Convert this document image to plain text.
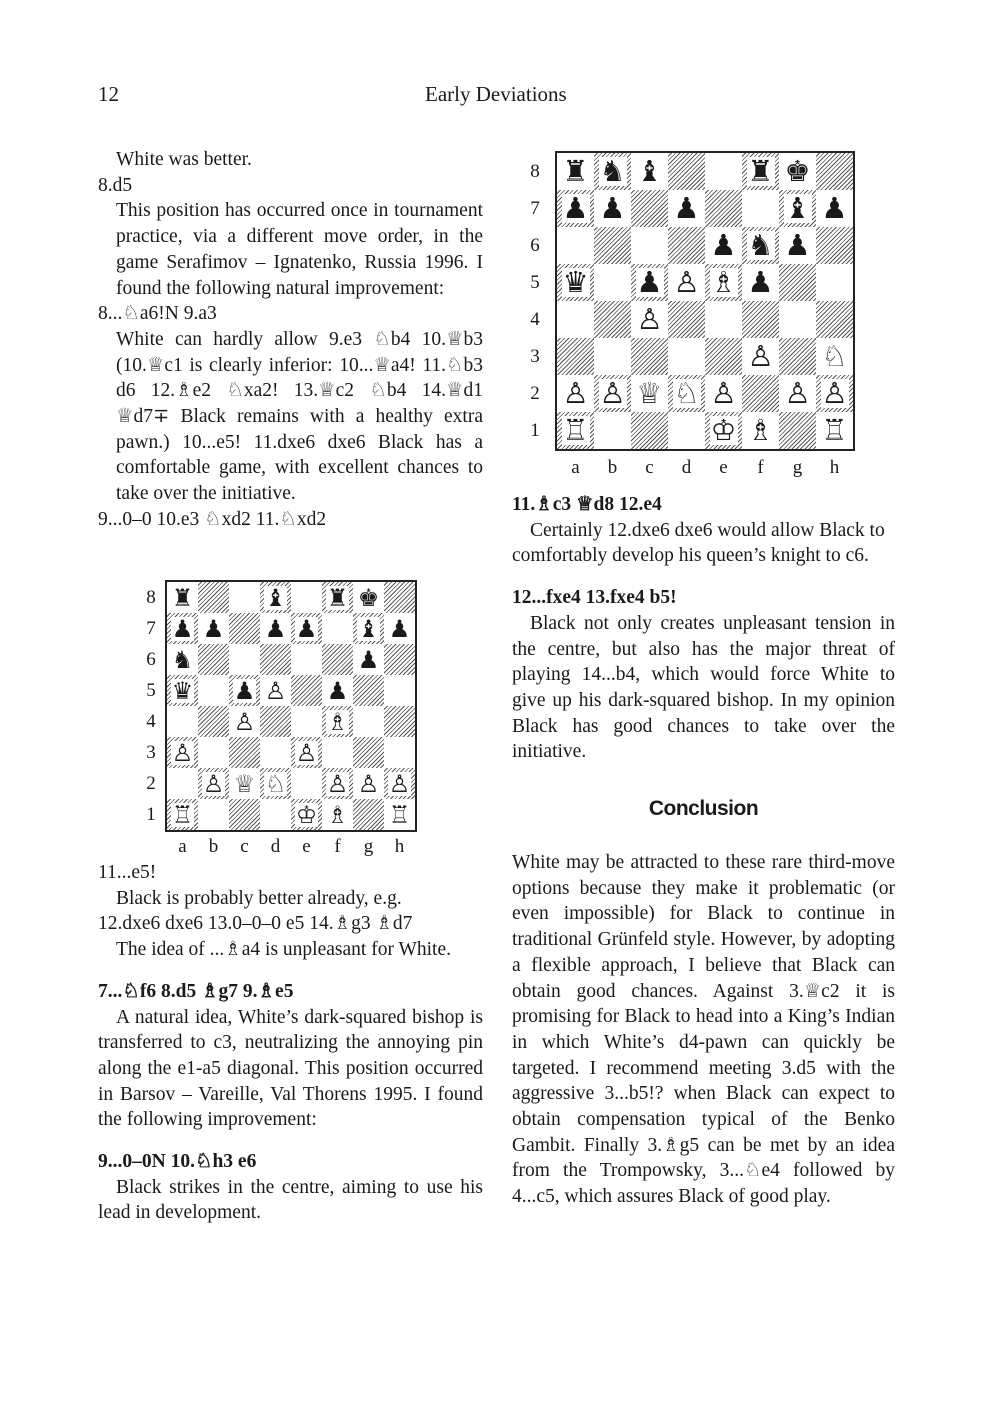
12	Early Deviations

White was better.

8.d5

This position has occurred once in tournament practice, via a different move order, in the game Serafimov – Ignatenko, Russia 1996. I found the following natural improvement:

8...♘a6!N 9.a3

White can hardly allow 9.e3 ♘b4 10.♕b3 (10.♕c1 is clearly inferior: 10...♕a4! 11.♘b3 d6 12.♗e2 ♘xa2! 13.♕c2 ♘b4 14.♕d1 ♕d7∓ Black remains with a healthy extra pawn.) 10...e5! 11.dxe6 dxe6 Black has a comfortable game, with excellent chances to take over the initiative.

9...0–0 10.e3 ♘xd2 11.♘xd2

♜	♝ ♜ ♚
♟ ♟ ♟ ♟ ♝ ♟
♞	♟
♛ ♟ ♙ ♟
♙	♗
♙	♙
♙ ♕ ♘ ♙ ♙ ♙
♖	♔ ♗ ♖

11...e5!

Black is probably better already, e.g.

12.dxe6 dxe6 13.0–0–0 e5 14.♗g3 ♗d7

The idea of ...♗a4 is unpleasant for White.

7...♘f6 8.d5 ♗g7 9.♗e5

A natural idea, White’s dark-squared bishop is transferred to c3, neutralizing the annoying pin along the e1-a5 diagonal. This position occurred in Barsov – Vareille, Val Thorens 1995. I found the following improvement:

9...0–0N 10.♘h3 e6

Black strikes in the centre, aiming to use his lead in development.

♜ ♞ ♝	♜ ♚
♟ ♟ ♟	♝ ♟
♟ ♞ ♟
♛ ♟ ♙ ♗ ♟
♙
♙ ♘
♙ ♙ ♕ ♘ ♙ ♙ ♙
♖	♔ ♗ ♖

11.♗c3 ♕d8 12.e4

Certainly 12.dxe6 dxe6 would allow Black to comfortably develop his queen’s knight to c6.

12...fxe4 13.fxe4 b5!

Black not only creates unpleasant tension in the centre, but also has the major threat of playing 14...b4, which would force White to give up his dark-squared bishop. In my opinion Black has good chances to take over the initiative.

Conclusion
White may be attracted to these rare third-move options because they make it problematic (or even impossible) for Black to continue in traditional Grünfeld style. However, by adopting a flexible approach, I believe that Black can obtain good chances. Against 3.♕c2 it is promising for Black to head into a King’s Indian in which White’s d4-pawn can quickly be targeted. I recommend meeting 3.d5 with the aggressive 3...b5!? when Black can expect to obtain compensation typical of the Benko Gambit. Finally 3.♗g5 can be met by an idea from the Trompowsky, 3...♘e4 followed by 4...c5, which assures Black of good play.
8
7
6
5
4
3
2
1
a	b	c	d	e	f	g	h
8
7
6
5
4
3
2
1
a	b	c	d	e	f	g	h
